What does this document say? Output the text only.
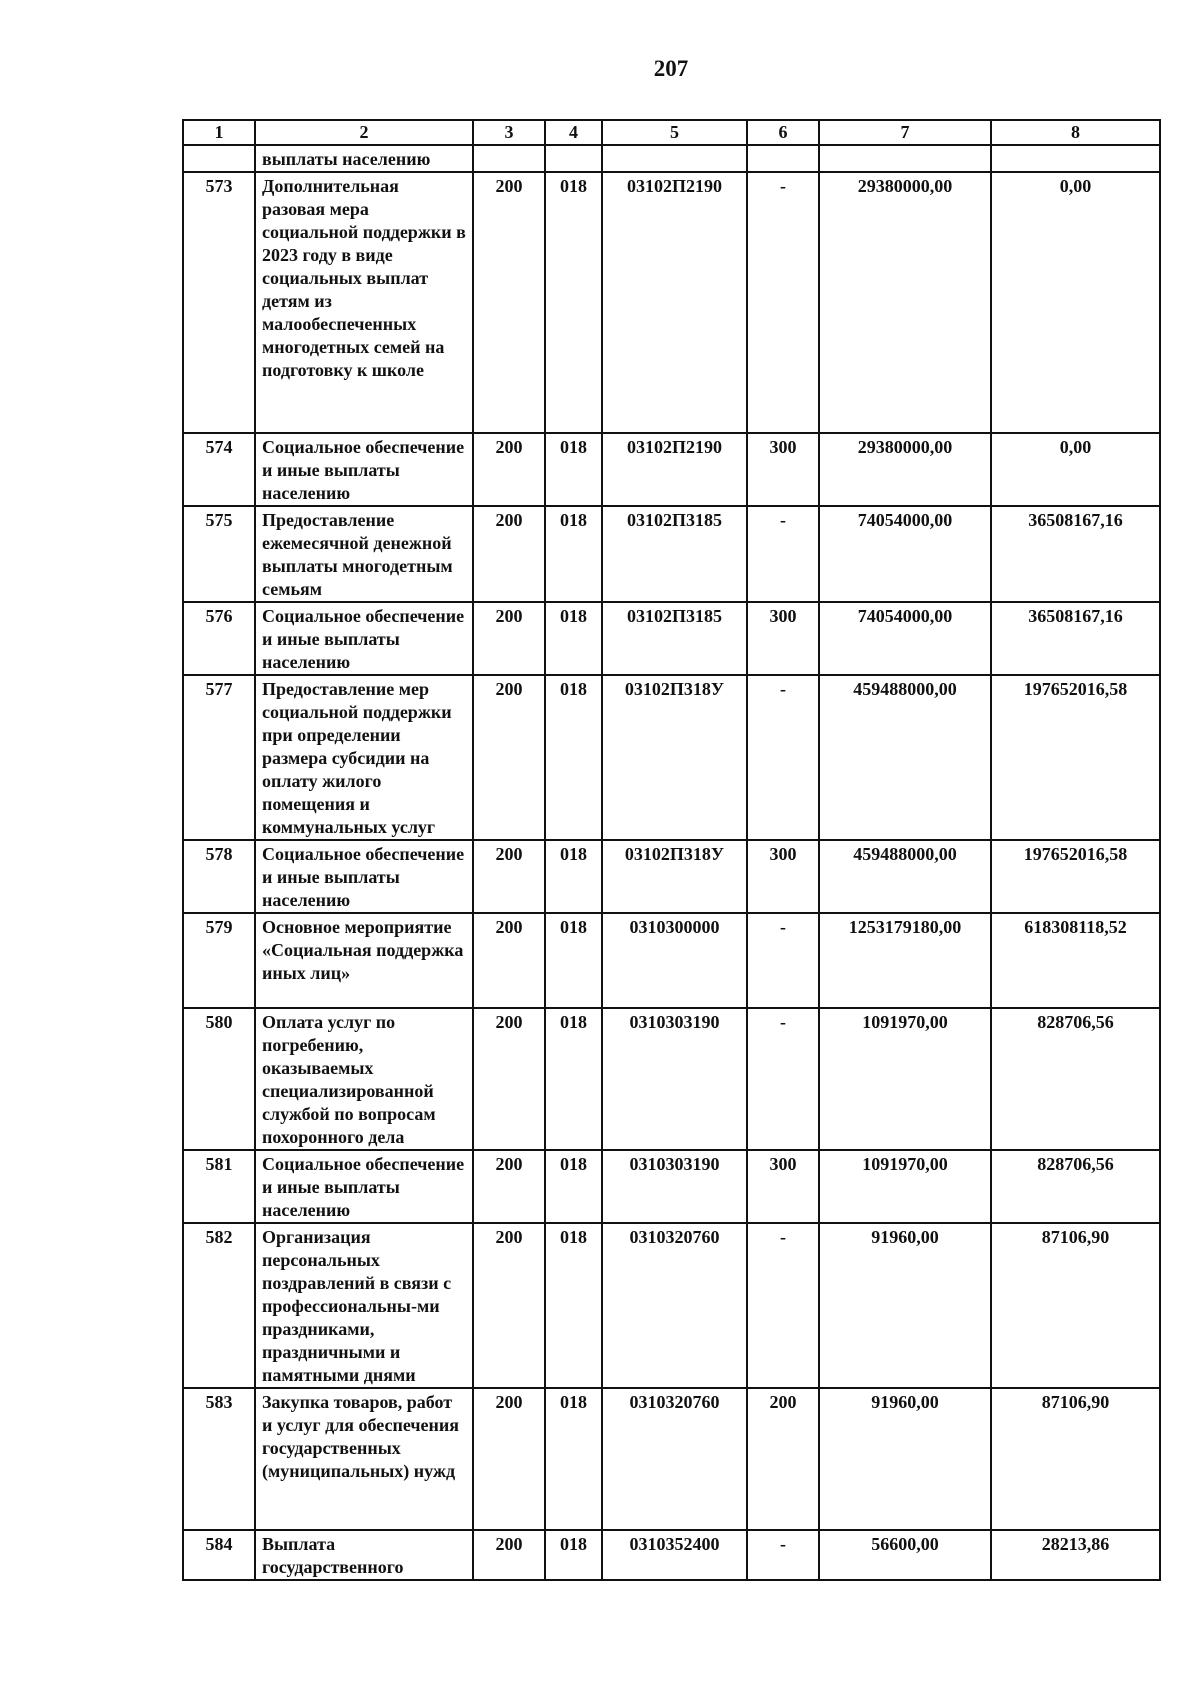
207
1	2	3	4	5	6	7	8
	выплаты населению						
573	Дополнительная разовая мера социальной поддержки в 2023 году в виде социальных выплат детям из малообеспеченных многодетных семей на подготовку к школе	200	018	03102П2190	-	29380000,00	0,00
574	Социальное обеспечение и иные выплаты населению	200	018	03102П2190	300	29380000,00	0,00
575	Предоставление ежемесячной денежной выплаты многодетным семьям	200	018	03102П3185	-	74054000,00	36508167,16
576	Социальное обеспечение и иные выплаты населению	200	018	03102П3185	300	74054000,00	36508167,16
577	Предоставление мер социальной поддержки при определении размера субсидии на оплату жилого помещения и коммунальных услуг	200	018	03102П318У	-	459488000,00	197652016,58
578	Социальное обеспечение и иные выплаты населению	200	018	03102П318У	300	459488000,00	197652016,58
579	Основное мероприятие «Социальная поддержка иных лиц»	200	018	0310300000	-	1253179180,00	618308118,52
580	Оплата услуг по погребению, оказываемых специализированной службой по вопросам похоронного дела	200	018	0310303190	-	1091970,00	828706,56
581	Социальное обеспечение и иные выплаты населению	200	018	0310303190	300	1091970,00	828706,56
582	Организация персональных поздравлений в связи с профессиональны-ми праздниками, праздничными и памятными днями	200	018	0310320760	-	91960,00	87106,90
583	Закупка товаров, работ и услуг для обеспечения государственных (муниципальных) нужд	200	018	0310320760	200	91960,00	87106,90
584	Выплата государственного	200	018	0310352400	-	56600,00	28213,86
